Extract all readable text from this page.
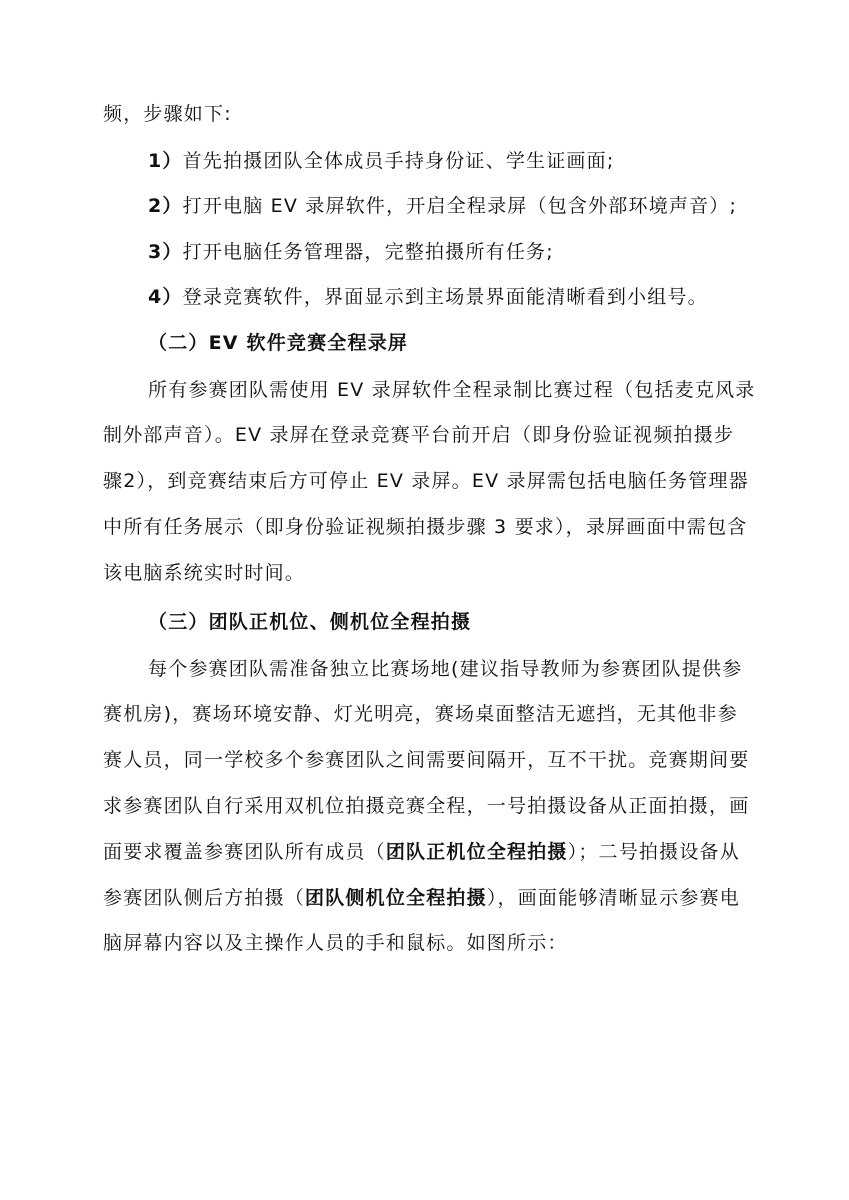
频，步骤如下:
1）首先拍摄团队全体成员手持身份证、学生证画面;
2）打开电脑 EV 录屏软件，开启全程录屏（包含外部环境声音）;
3）打开电脑任务管理器，完整拍摄所有任务;
4）登录竞赛软件，界面显示到主场景界面能清晰看到小组号。
（二）EV 软件竞赛全程录屏
所有参赛团队需使用 EV 录屏软件全程录制比赛过程（包括麦克风录
制外部声音）。EV 录屏在登录竞赛平台前开启（即身份验证视频拍摄步
骤2），到竞赛结束后方可停止 EV 录屏。EV 录屏需包括电脑任务管理器
中所有任务展示（即身份验证视频拍摄步骤 3 要求），录屏画面中需包含
该电脑系统实时时间。
（三）团队正机位、侧机位全程拍摄
每个参赛团队需准备独立比赛场地(建议指导教师为参赛团队提供参
赛机房)，赛场环境安静、灯光明亮，赛场桌面整洁无遮挡，无其他非参
赛人员，同一学校多个参赛团队之间需要间隔开，互不干扰。竞赛期间要
求参赛团队自行采用双机位拍摄竞赛全程，一号拍摄设备从正面拍摄，画
面要求覆盖参赛团队所有成员（团队正机位全程拍摄）；二号拍摄设备从
参赛团队侧后方拍摄（团队侧机位全程拍摄），画面能够清晰显示参赛电
脑屏幕内容以及主操作人员的手和鼠标。如图所示：
